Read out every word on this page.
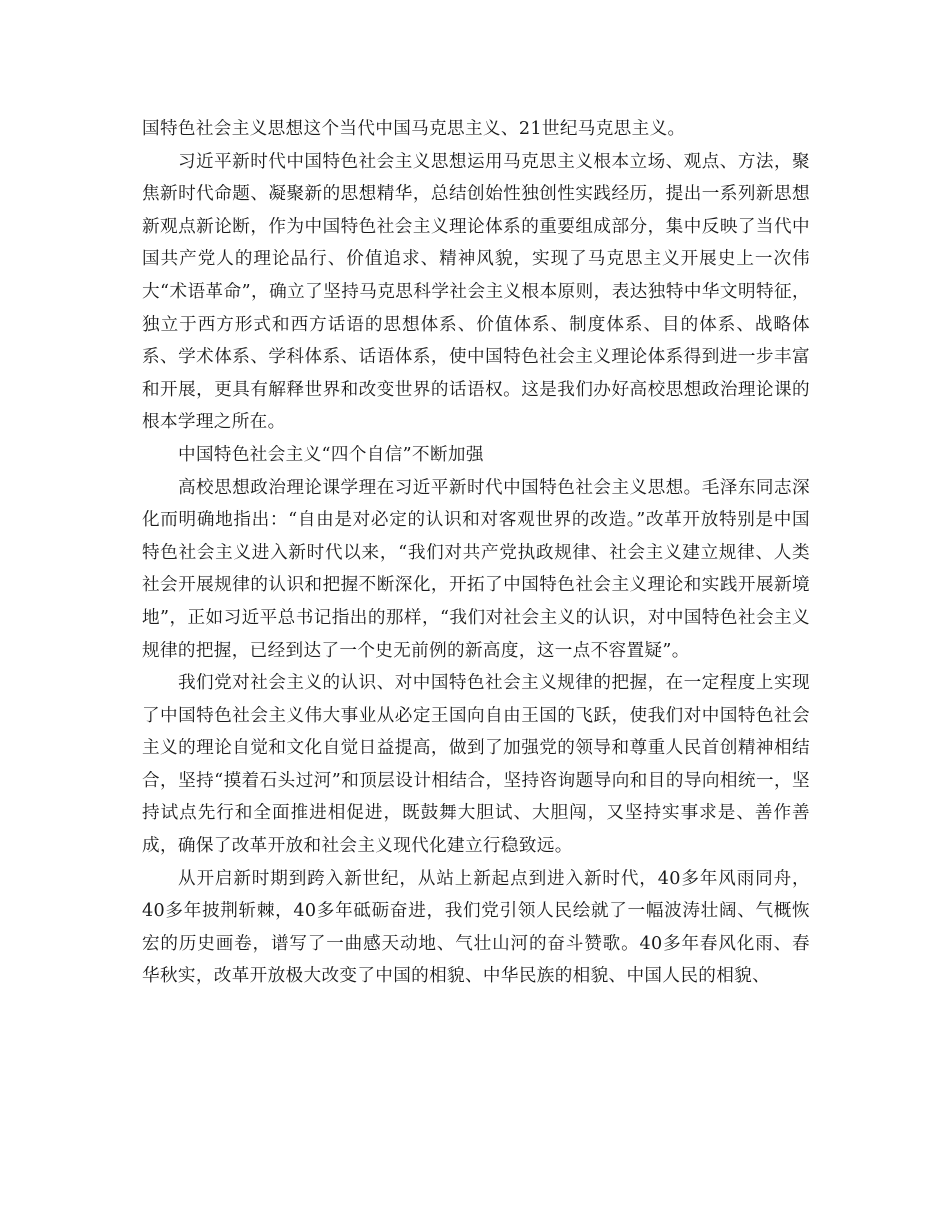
国特色社会主义思想这个当代中国马克思主义、21世纪马克思主义。

习近平新时代中国特色社会主义思想运用马克思主义根本立场、观点、方法，聚焦新时代命题、凝聚新的思想精华，总结创始性独创性实践经历，提出一系列新思想新观点新论断，作为中国特色社会主义理论体系的重要组成部分，集中反映了当代中国共产党人的理论品行、价值追求、精神风貌，实现了马克思主义开展史上一次伟大“术语革命”，确立了坚持马克思科学社会主义根本原则，表达独特中华文明特征，独立于西方形式和西方话语的思想体系、价值体系、制度体系、目的体系、战略体系、学术体系、学科体系、话语体系，使中国特色社会主义理论体系得到进一步丰富和开展，更具有解释世界和改变世界的话语权。这是我们办好高校思想政治理论课的根本学理之所在。

中国特色社会主义“四个自信”不断加强

高校思想政治理论课学理在习近平新时代中国特色社会主义思想。毛泽东同志深化而明确地指出：“自由是对必定的认识和对客观世界的改造。”改革开放特别是中国特色社会主义进入新时代以来，“我们对共产党执政规律、社会主义建立规律、人类社会开展规律的认识和把握不断深化，开拓了中国特色社会主义理论和实践开展新境地”，正如习近平总书记指出的那样，“我们对社会主义的认识，对中国特色社会主义规律的把握，已经到达了一个史无前例的新高度，这一点不容置疑”。

我们党对社会主义的认识、对中国特色社会主义规律的把握，在一定程度上实现了中国特色社会主义伟大事业从必定王国向自由王国的飞跃，使我们对中国特色社会主义的理论自觉和文化自觉日益提高，做到了加强党的领导和尊重人民首创精神相结合，坚持“摸着石头过河”和顶层设计相结合，坚持咨询题导向和目的导向相统一，坚持试点先行和全面推进相促进，既鼓舞大胆试、大胆闯，又坚持实事求是、善作善成，确保了改革开放和社会主义现代化建立行稳致远。

从开启新时期到跨入新世纪，从站上新起点到进入新时代，40多年风雨同舟，40多年披荆斩棘，40多年砥砺奋进，我们党引领人民绘就了一幅波涛壮阔、气概恢宏的历史画卷，谱写了一曲感天动地、气壮山河的奋斗赞歌。40多年春风化雨、春华秋实，改革开放极大改变了中国的相貌、中华民族的相貌、中国人民的相貌、
